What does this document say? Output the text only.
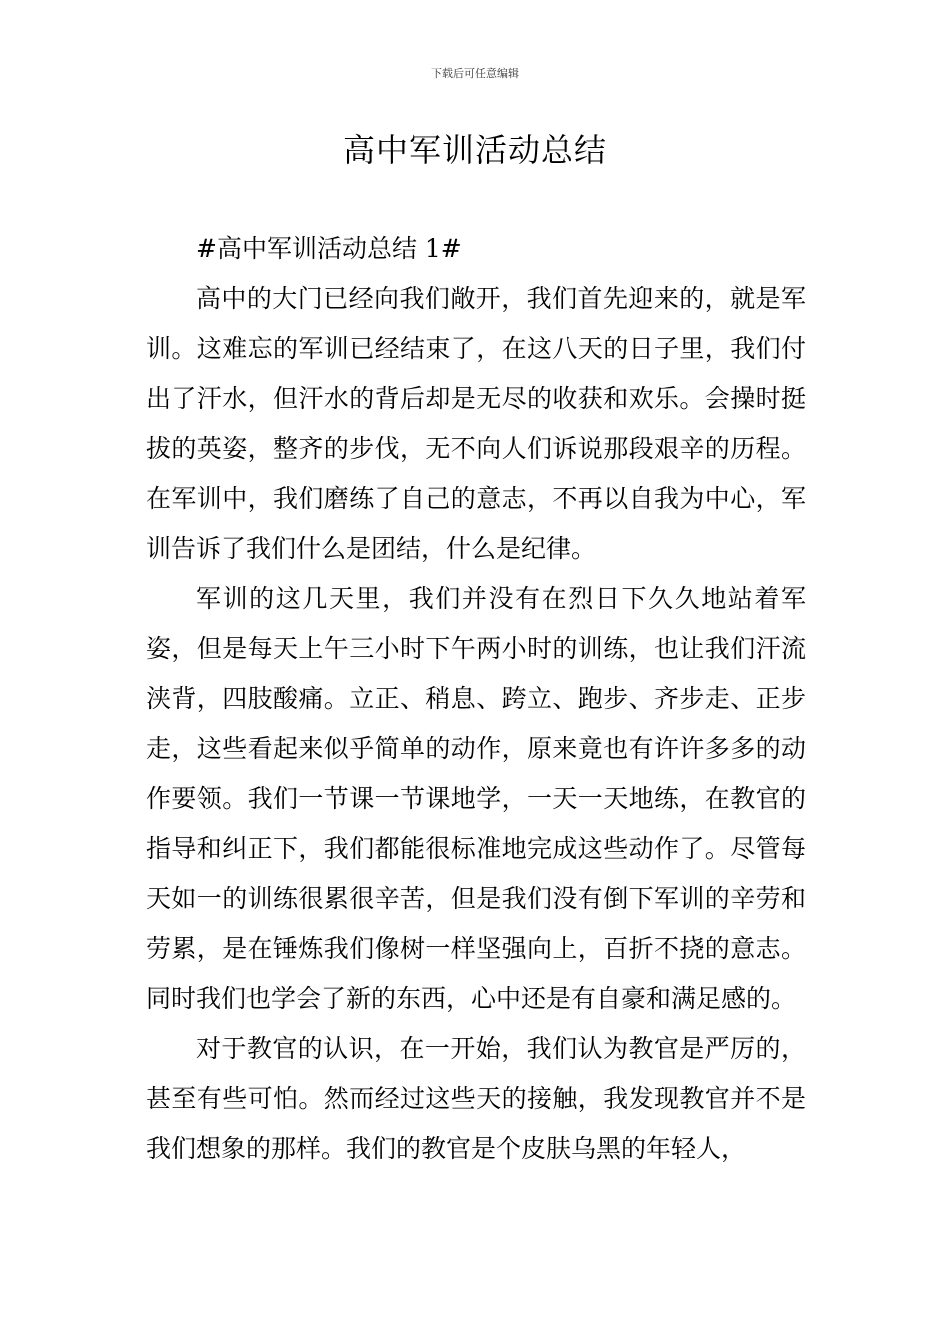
下载后可任意编辑
高中军训活动总结

#高中军训活动总结 1#

高中的大门已经向我们敞开，我们首先迎来的，就是军训。这难忘的军训已经结束了，在这八天的日子里，我们付出了汗水，但汗水的背后却是无尽的收获和欢乐。会操时挺拔的英姿，整齐的步伐，无不向人们诉说那段艰辛的历程。在军训中，我们磨练了自己的意志，不再以自我为中心，军训告诉了我们什么是团结，什么是纪律。

军训的这几天里，我们并没有在烈日下久久地站着军姿，但是每天上午三小时下午两小时的训练，也让我们汗流浃背，四肢酸痛。立正、稍息、跨立、跑步、齐步走、正步走，这些看起来似乎简单的动作，原来竟也有许许多多的动作要领。我们一节课一节课地学，一天一天地练，在教官的指导和纠正下，我们都能很标准地完成这些动作了。尽管每天如一的训练很累很辛苦，但是我们没有倒下军训的辛劳和劳累，是在锤炼我们像树一样坚强向上，百折不挠的意志。同时我们也学会了新的东西，心中还是有自豪和满足感的。

对于教官的认识，在一开始，我们认为教官是严厉的，甚至有些可怕。然而经过这些天的接触，我发现教官并不是我们想象的那样。我们的教官是个皮肤乌黑的年轻人，
